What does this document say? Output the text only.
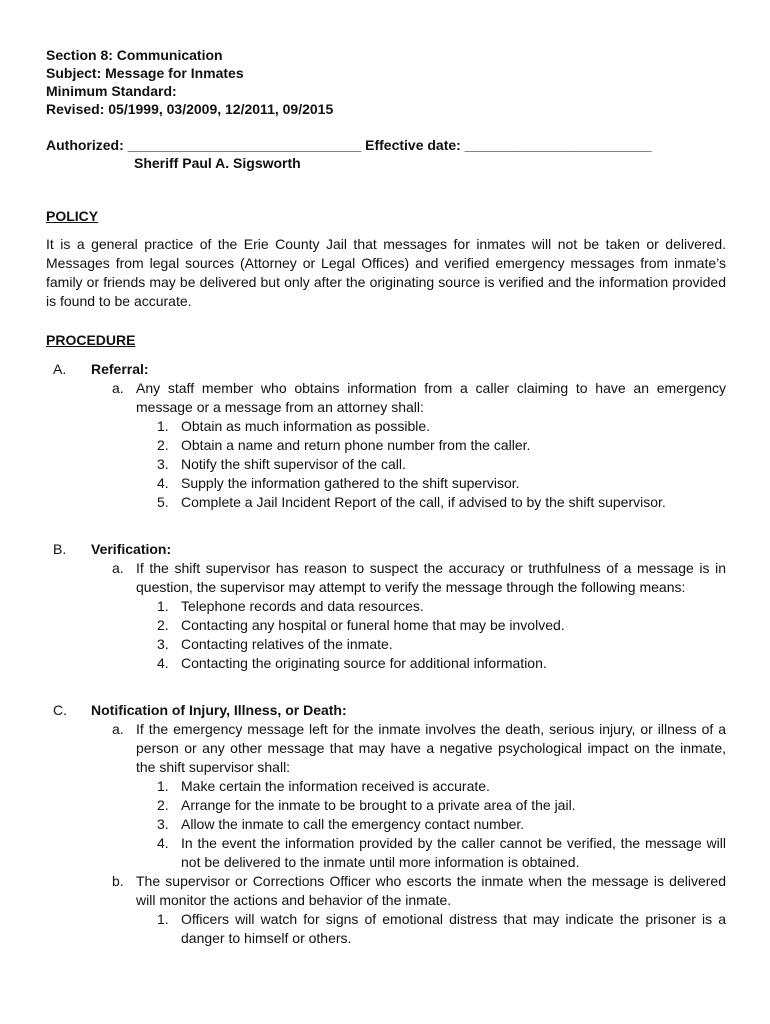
Section 8: Communication
Subject: Message for Inmates
Minimum Standard:
Revised: 05/1999, 03/2009, 12/2011, 09/2015
Authorized: ______________________________ Effective date: ________________________
Sheriff Paul A. Sigsworth
POLICY
It is a general practice of the Erie County Jail that messages for inmates will not be taken or delivered. Messages from legal sources (Attorney or Legal Offices) and verified emergency messages from inmate’s family or friends may be delivered but only after the originating source is verified and the information provided is found to be accurate.
PROCEDURE
A.	Referral:
a. Any staff member who obtains information from a caller claiming to have an emergency message or a message from an attorney shall:
1. Obtain as much information as possible.
2. Obtain a name and return phone number from the caller.
3. Notify the shift supervisor of the call.
4. Supply the information gathered to the shift supervisor.
5. Complete a Jail Incident Report of the call, if advised to by the shift supervisor.
B.	Verification:
a. If the shift supervisor has reason to suspect the accuracy or truthfulness of a message is in question, the supervisor may attempt to verify the message through the following means:
1. Telephone records and data resources.
2. Contacting any hospital or funeral home that may be involved.
3. Contacting relatives of the inmate.
4. Contacting the originating source for additional information.
C.	Notification of Injury, Illness, or Death:
a. If the emergency message left for the inmate involves the death, serious injury, or illness of a person or any other message that may have a negative psychological impact on the inmate, the shift supervisor shall:
1. Make certain the information received is accurate.
2. Arrange for the inmate to be brought to a private area of the jail.
3. Allow the inmate to call the emergency contact number.
4. In the event the information provided by the caller cannot be verified, the message will not be delivered to the inmate until more information is obtained.
b. The supervisor or Corrections Officer who escorts the inmate when the message is delivered will monitor the actions and behavior of the inmate.
1. Officers will watch for signs of emotional distress that may indicate the prisoner is a danger to himself or others.
